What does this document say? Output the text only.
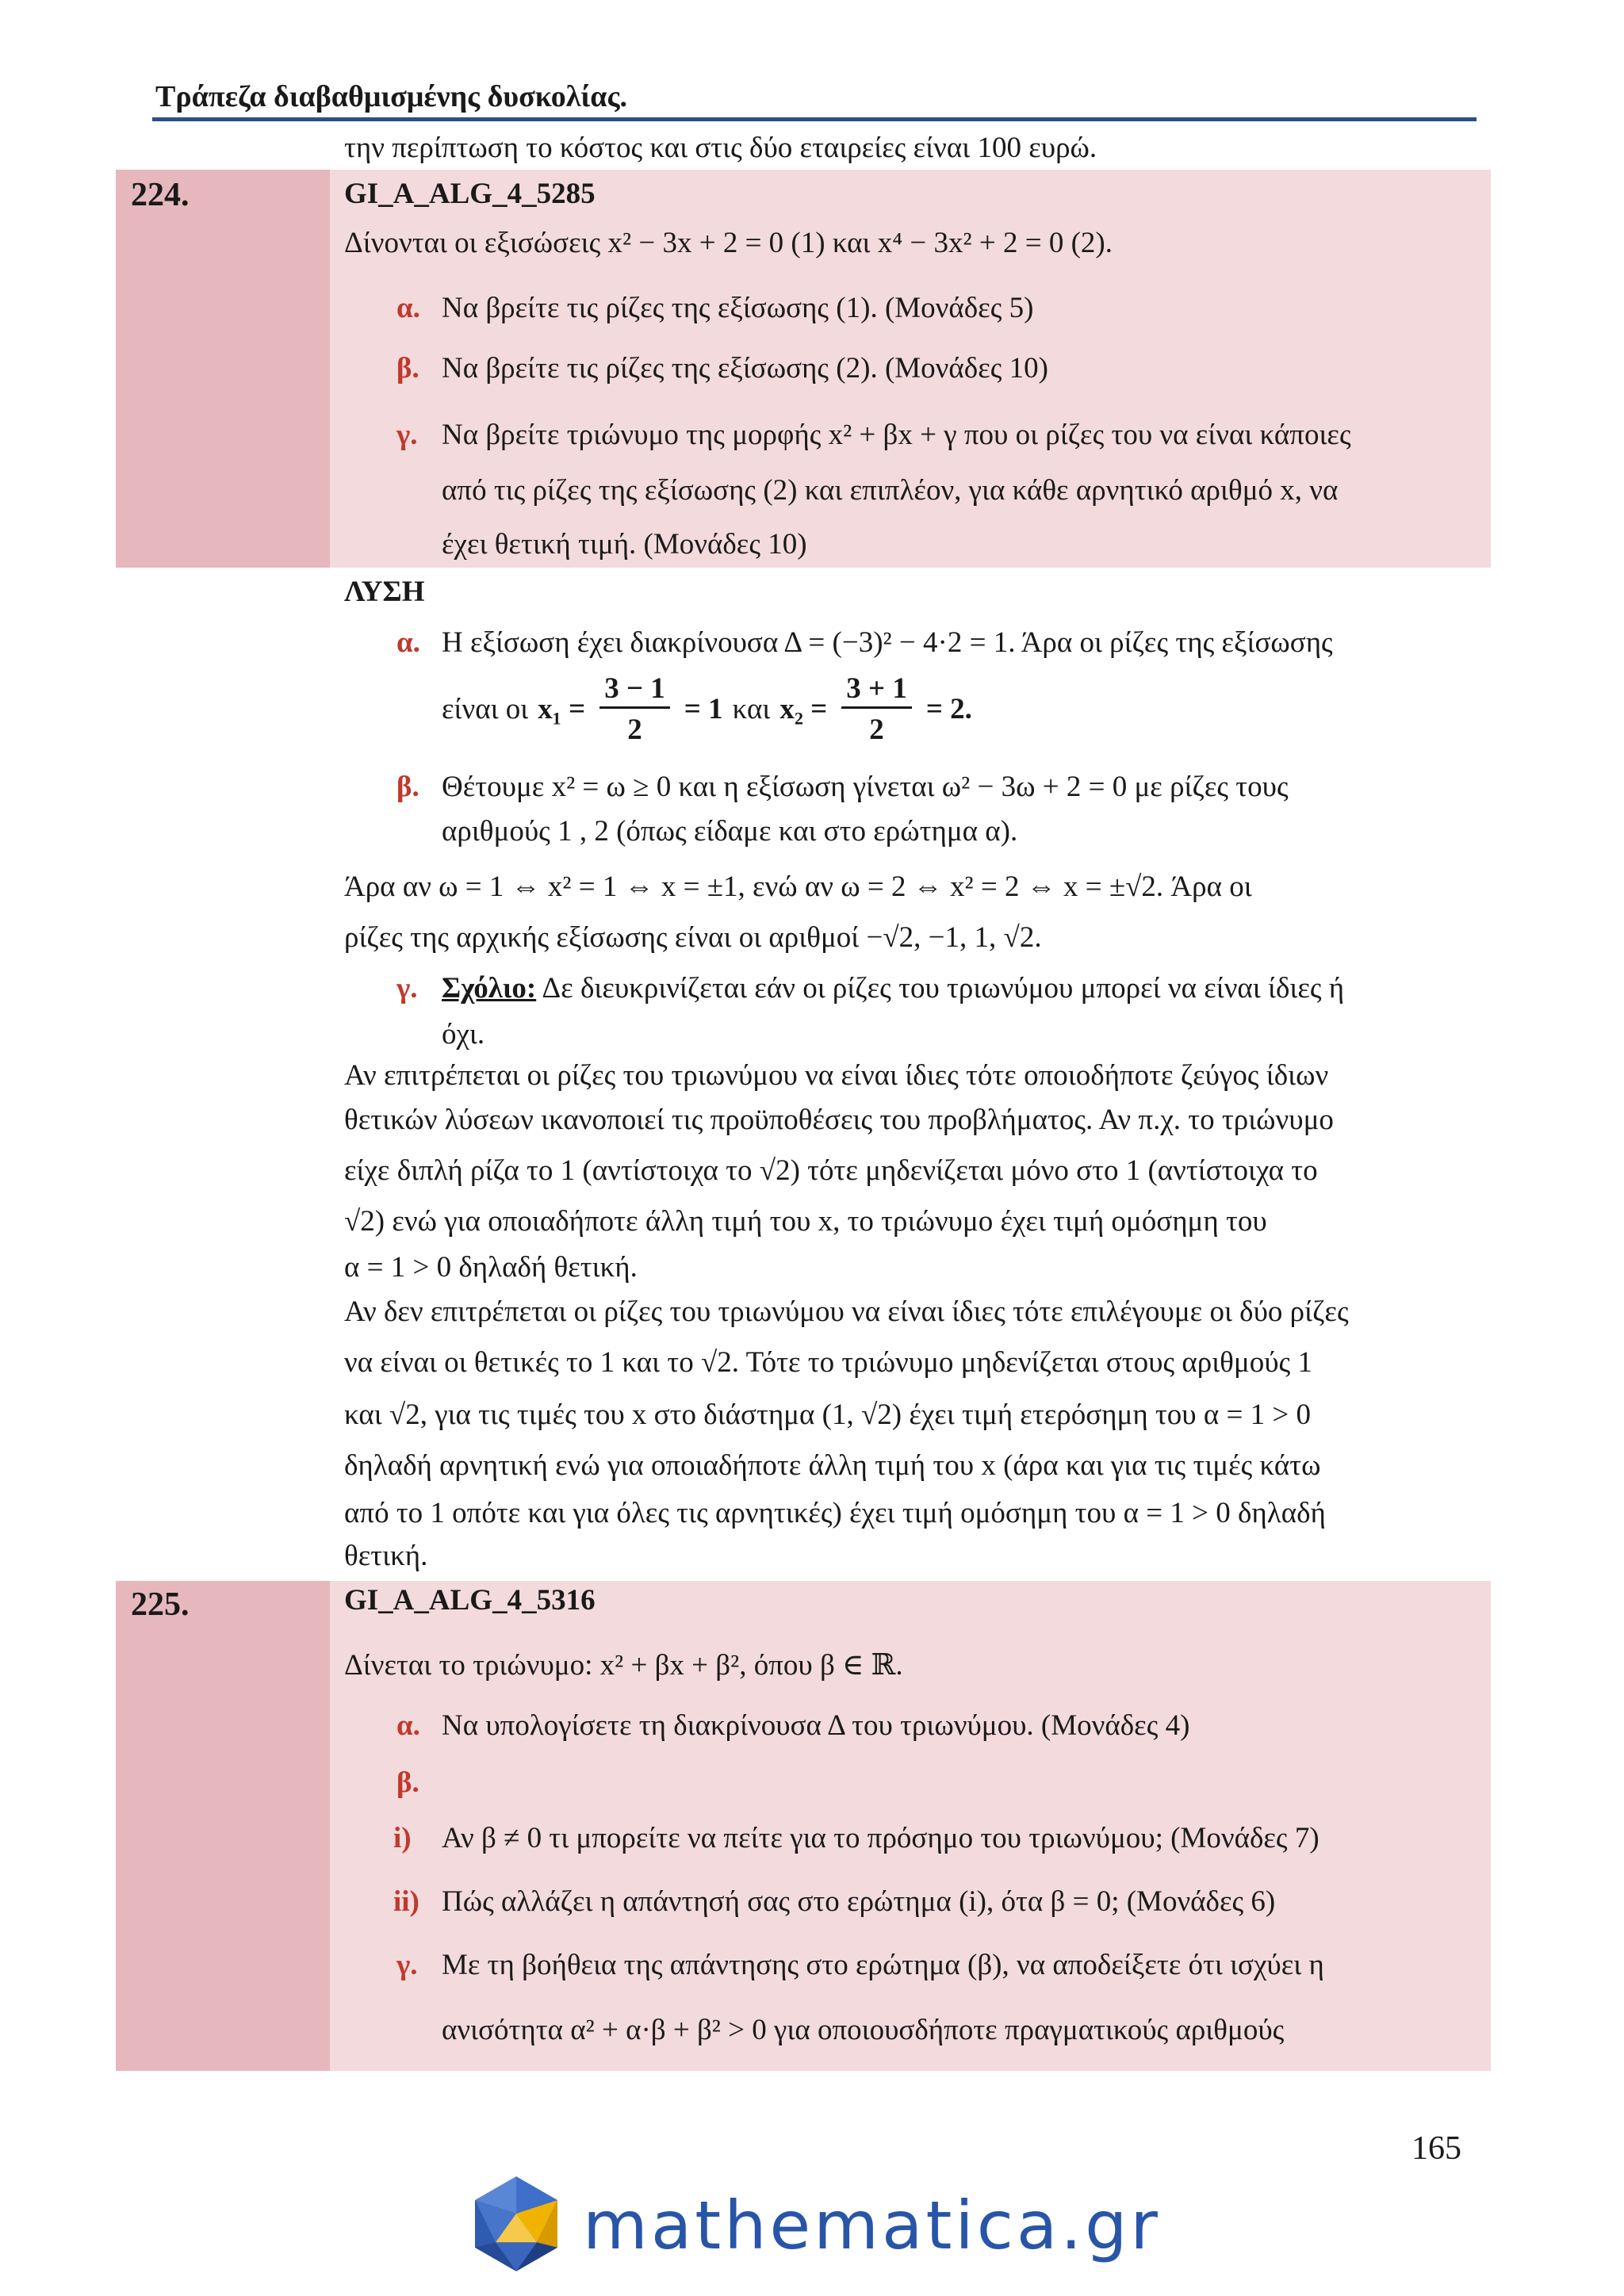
Τράπεζα διαβαθμισμένης δυσκολίας.
την περίπτωση το κόστος και στις δύο εταιρείες είναι 100 ευρώ.
224.	GI_A_ALG_4_5285
Δίνονται οι εξισώσεις x² − 3x + 2 = 0 (1) και x⁴ − 3x² + 2 = 0 (2).
α. Να βρείτε τις ρίζες της εξίσωσης (1). (Μονάδες 5)
β. Να βρείτε τις ρίζες της εξίσωσης (2). (Μονάδες 10)
γ. Να βρείτε τριώνυμο της μορφής x² + βx + γ που οι ρίζες του να είναι κάποιες
από τις ρίζες της εξίσωσης (2) και επιπλέον, για κάθε αρνητικό αριθμό x, να
έχει θετική τιμή. (Μονάδες 10)
ΛΥΣΗ
α. Η εξίσωση έχει διακρίνουσα Δ = (−3)² − 4·2 = 1. Άρα οι ρίζες της εξίσωσης
είναι οι $x_1 = \frac{3 - 1}{2} = 1$ και $x_2 = \frac{3 + 1}{2} = 2$.
β. Θέτουμε x² = ω ≥ 0 και η εξίσωση γίνεται ω² − 3ω + 2 = 0 με ρίζες τους
αριθμούς 1 , 2 (όπως είδαμε και στο ερώτημα α).
Άρα αν ω = 1 ⇔ x² = 1 ⇔ x = ±1, ενώ αν ω = 2 ⇔ x² = 2 ⇔ x = ±√2. Άρα οι
ρίζες της αρχικής εξίσωσης είναι οι αριθμοί −√2, −1, 1, √2.
γ. Σχόλιο: Δε διευκρινίζεται εάν οι ρίζες του τριωνύμου μπορεί να είναι ίδιες ή
όχι.
Αν επιτρέπεται οι ρίζες του τριωνύμου να είναι ίδιες τότε οποιοδήποτε ζεύγος ίδιων
θετικών λύσεων ικανοποιεί τις προϋποθέσεις του προβλήματος. Αν π.χ. το τριώνυμο
είχε διπλή ρίζα το 1 (αντίστοιχα το √2) τότε μηδενίζεται μόνο στο 1 (αντίστοιχα το
√2) ενώ για οποιαδήποτε άλλη τιμή του x, το τριώνυμο έχει τιμή ομόσημη του
α = 1 > 0 δηλαδή θετική.
Αν δεν επιτρέπεται οι ρίζες του τριωνύμου να είναι ίδιες τότε επιλέγουμε οι δύο ρίζες
να είναι οι θετικές το 1 και το √2. Τότε το τριώνυμο μηδενίζεται στους αριθμούς 1
και √2, για τις τιμές του x στο διάστημα (1, √2) έχει τιμή ετερόσημη του α = 1 > 0
δηλαδή αρνητική ενώ για οποιαδήποτε άλλη τιμή του x (άρα και για τις τιμές κάτω
από το 1 οπότε και για όλες τις αρνητικές) έχει τιμή ομόσημη του α = 1 > 0 δηλαδή
θετική.
225.	GI_A_ALG_4_5316
Δίνεται το τριώνυμο: x² + βx + β², όπου β ∈ ℝ.
α. Να υπολογίσετε τη διακρίνουσα Δ του τριωνύμου. (Μονάδες 4)
β.
i) Αν β ≠ 0 τι μπορείτε να πείτε για το πρόσημο του τριωνύμου; (Μονάδες 7)
ii) Πώς αλλάζει η απάντησή σας στο ερώτημα (i), ότα β = 0; (Μονάδες 6)
γ. Με τη βοήθεια της απάντησης στο ερώτημα (β), να αποδείξετε ότι ισχύει η
ανισότητα α² + α·β + β² > 0 για οποιουσδήποτε πραγματικούς αριθμούς
165
mathematica.gr
